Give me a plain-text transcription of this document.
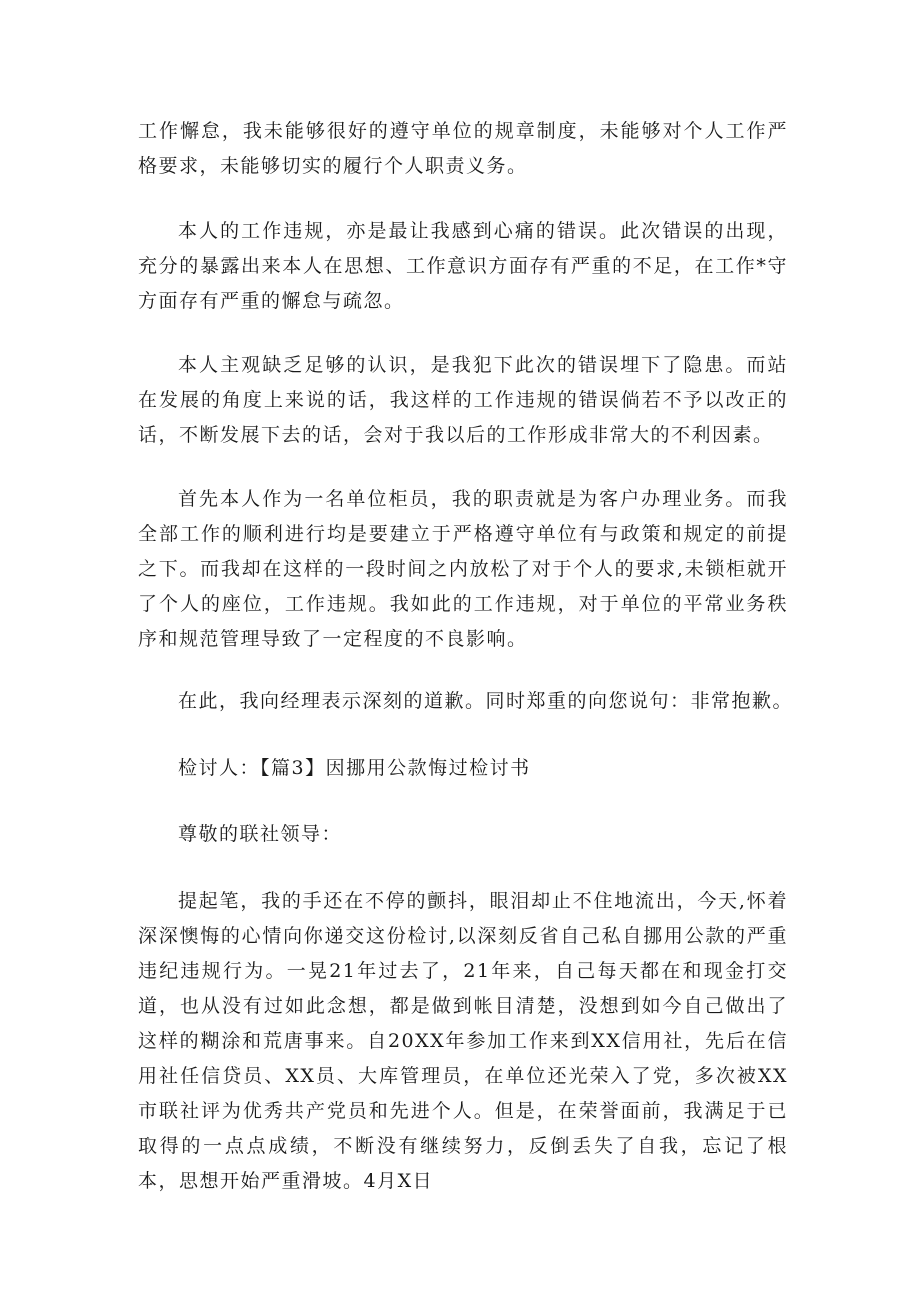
工作懈怠，我未能够很好的遵守单位的规章制度，未能够对个人工作严格要求，未能够切实的履行个人职责义务。

本人的工作违规，亦是最让我感到心痛的错误。此次错误的出现，充分的暴露出来本人在思想、工作意识方面存有严重的不足，在工作*守方面存有严重的懈怠与疏忽。

本人主观缺乏足够的认识，是我犯下此次的错误埋下了隐患。而站在发展的角度上来说的话，我这样的工作违规的错误倘若不予以改正的话，不断发展下去的话，会对于我以后的工作形成非常大的不利因素。

首先本人作为一名单位柜员，我的职责就是为客户办理业务。而我全部工作的顺利进行均是要建立于严格遵守单位有与政策和规定的前提之下。而我却在这样的一段时间之内放松了对于个人的要求,未锁柜就开了个人的座位，工作违规。我如此的工作违规，对于单位的平常业务秩序和规范管理导致了一定程度的不良影响。

在此，我向经理表示深刻的道歉。同时郑重的向您说句：非常抱歉。

检讨人：【篇3】因挪用公款悔过检讨书

尊敬的联社领导：

提起笔，我的手还在不停的颤抖，眼泪却止不住地流出，今天,怀着深深懊悔的心情向你递交这份检讨,以深刻反省自己私自挪用公款的严重违纪违规行为。一晃21年过去了，21年来，自己每天都在和现金打交道，也从没有过如此念想，都是做到帐目清楚，没想到如今自己做出了这样的糊涂和荒唐事来。自20XX年参加工作来到XX信用社，先后在信用社任信贷员、XX员、大库管理员，在单位还光荣入了党，多次被XX市联社评为优秀共产党员和先进个人。但是，在荣誉面前，我满足于已取得的一点点成绩，不断没有继续努力，反倒丢失了自我，忘记了根本，思想开始严重滑坡。4月X日
